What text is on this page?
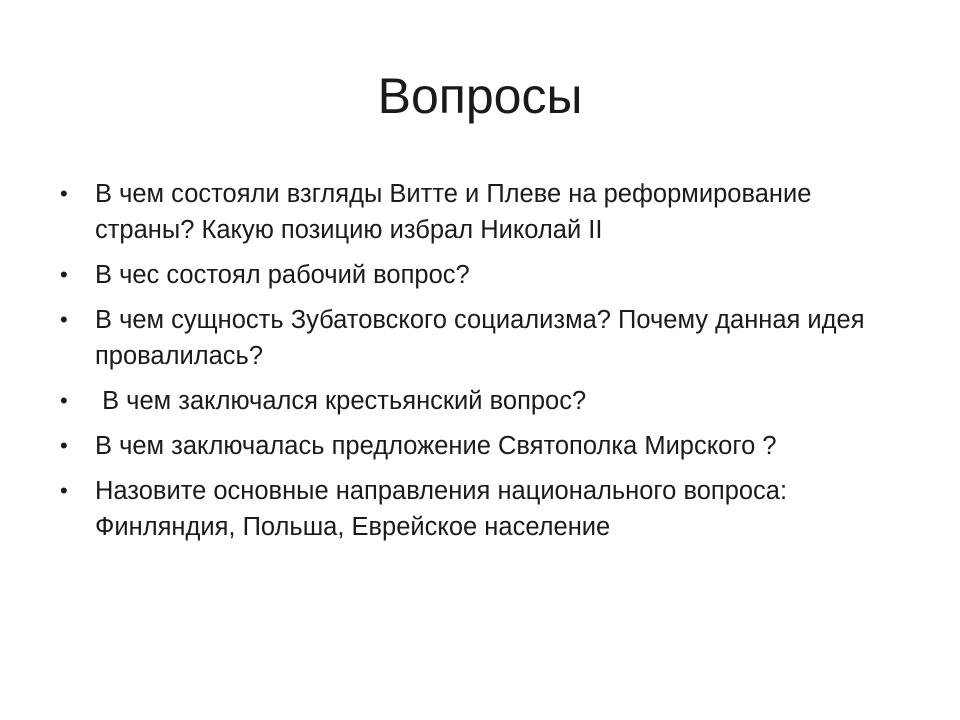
Вопросы
• В чем состояли взгляды Витте и Плеве на реформирование страны? Какую позицию избрал Николай II
• В чес состоял рабочий вопрос?
• В чем сущность Зубатовского социализма? Почему данная идея провалилась?
• В чем заключался крестьянский вопрос?
• В чем заключалась предложение Святополка Мирского ?
• Назовите основные направления национального вопроса: Финляндия, Польша, Еврейское население
